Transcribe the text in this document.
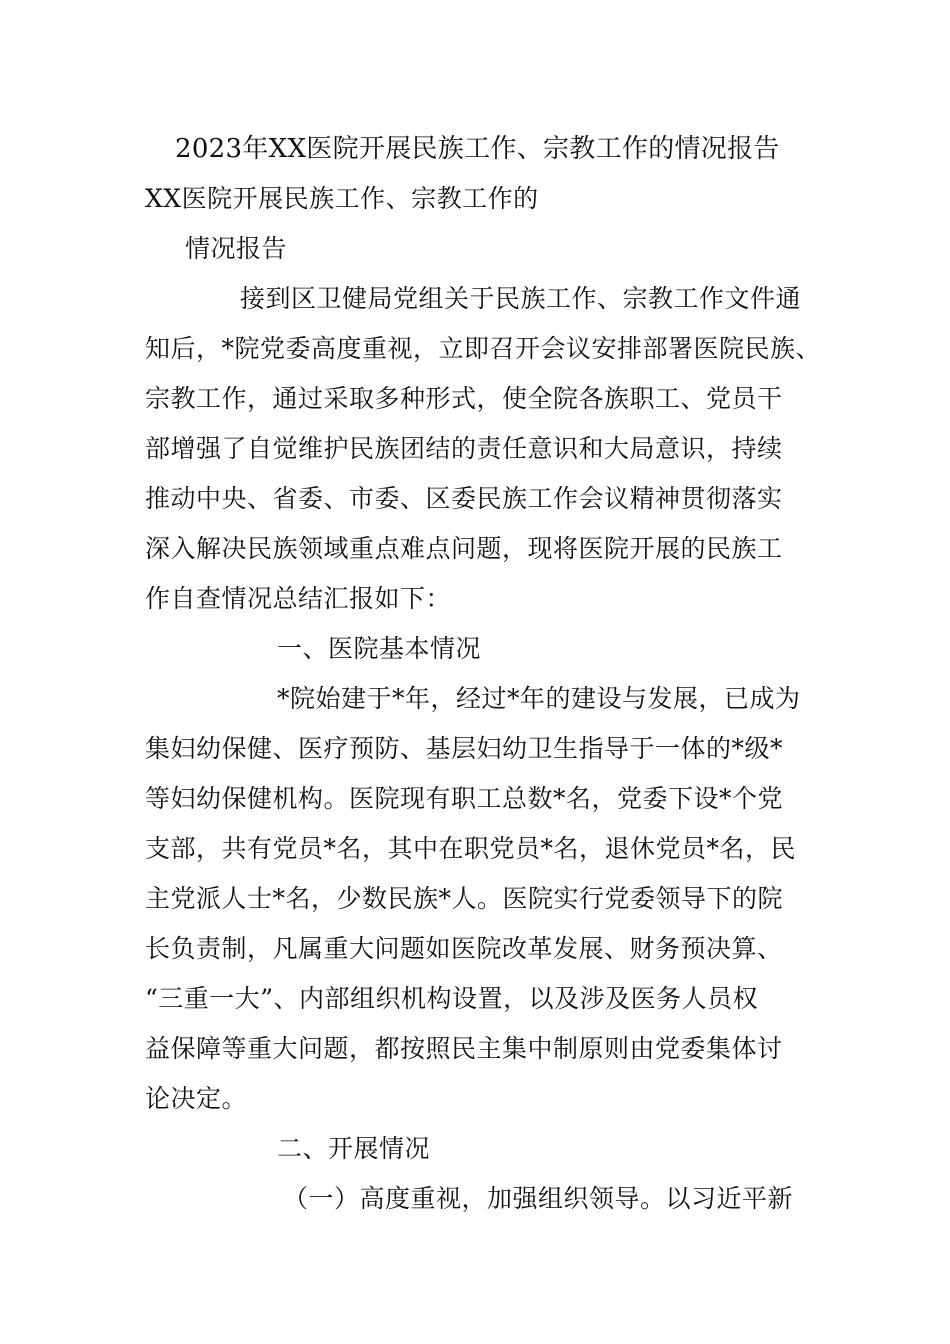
2023年XX医院开展民族工作、宗教工作的情况报告
XX医院开展民族工作、宗教工作的
情况报告
接到区卫健局党组关于民族工作、宗教工作文件通
知后，*院党委高度重视，立即召开会议安排部署医院民族、
宗教工作，通过采取多种形式，使全院各族职工、党员干
部增强了自觉维护民族团结的责任意识和大局意识，持续
推动中央、省委、市委、区委民族工作会议精神贯彻落实
深入解决民族领域重点难点问题，现将医院开展的民族工
作自查情况总结汇报如下：
一、医院基本情况
*院始建于*年，经过*年的建设与发展，已成为
集妇幼保健、医疗预防、基层妇幼卫生指导于一体的*级*
等妇幼保健机构。医院现有职工总数*名，党委下设*个党
支部，共有党员*名，其中在职党员*名，退休党员*名，民
主党派人士*名，少数民族*人。医院实行党委领导下的院
长负责制，凡属重大问题如医院改革发展、财务预决算、
“三重一大”、内部组织机构设置，以及涉及医务人员权
益保障等重大问题，都按照民主集中制原则由党委集体讨
论决定。
二、开展情况
（一）高度重视，加强组织领导。以习近平新
